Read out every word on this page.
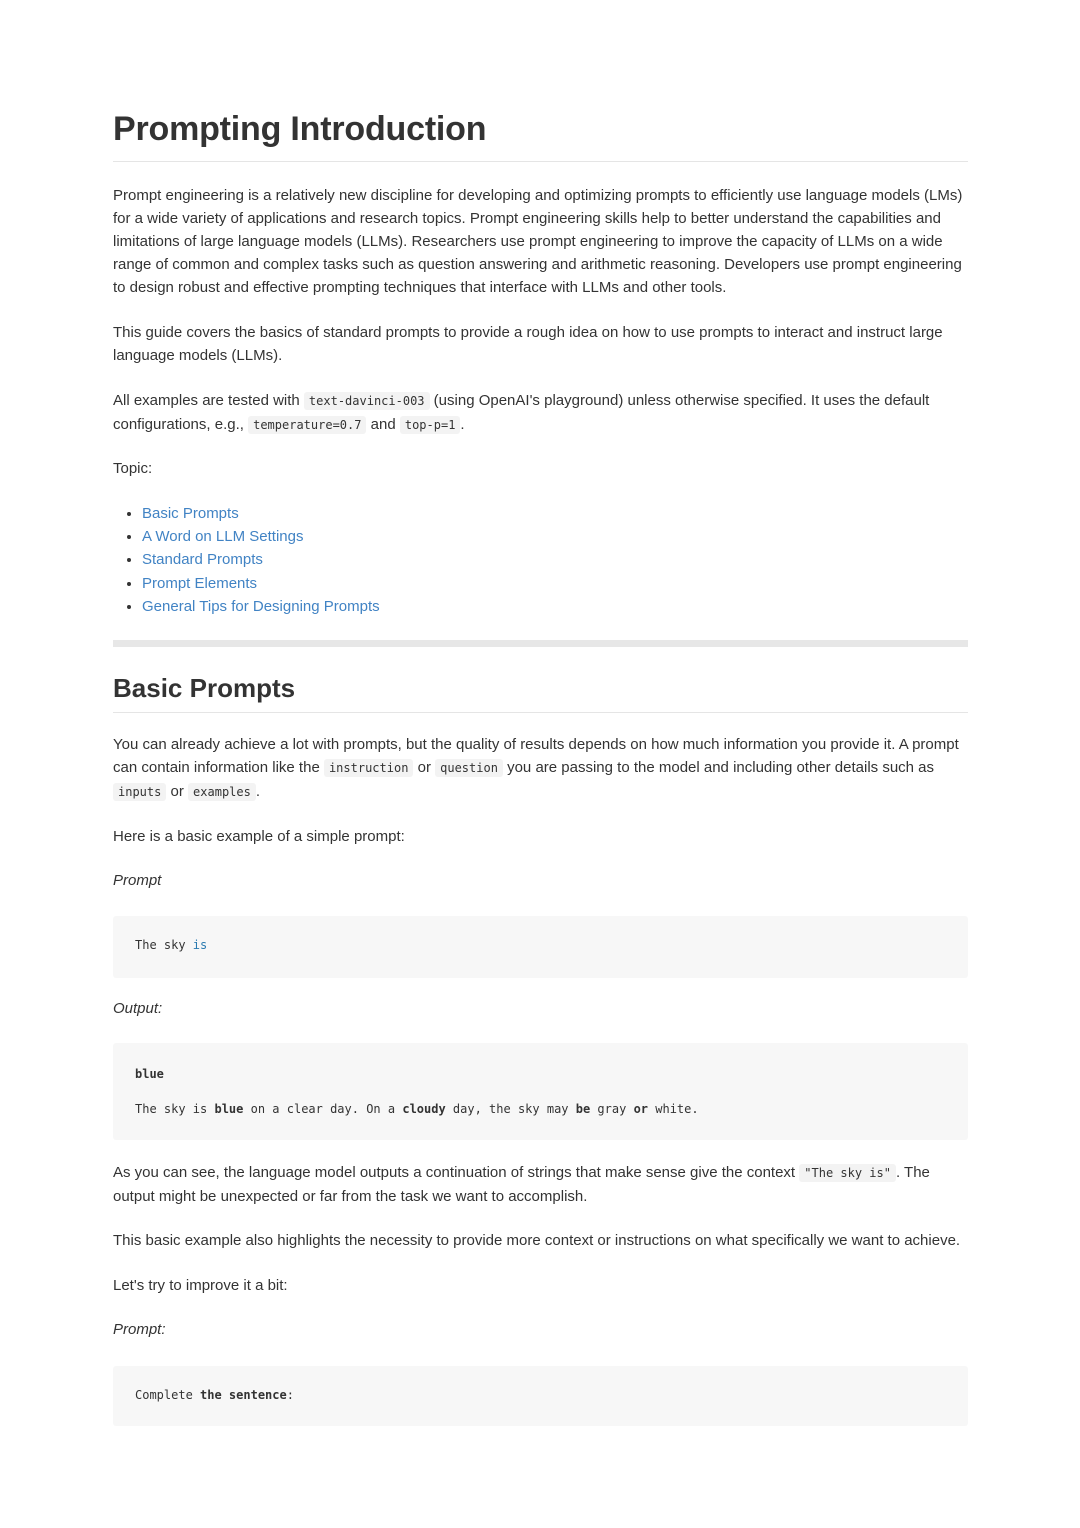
Prompting Introduction

Prompt engineering is a relatively new discipline for developing and optimizing prompts to efficiently use language models (LMs) for a wide variety of applications and research topics. Prompt engineering skills help to better understand the capabilities and limitations of large language models (LLMs). Researchers use prompt engineering to improve the capacity of LLMs on a wide range of common and complex tasks such as question answering and arithmetic reasoning. Developers use prompt engineering to design robust and effective prompting techniques that interface with LLMs and other tools.

This guide covers the basics of standard prompts to provide a rough idea on how to use prompts to interact and instruct large language models (LLMs).

All examples are tested with text-davinci-003 (using OpenAI's playground) unless otherwise specified. It uses the default configurations, e.g., temperature=0.7 and top-p=1 .

Topic:

• Basic Prompts
• A Word on LLM Settings
• Standard Prompts
• Prompt Elements
• General Tips for Designing Prompts
Basic Prompts

You can already achieve a lot with prompts, but the quality of results depends on how much information you provide it. A prompt can contain information like the instruction or question you are passing to the model and including other details such as inputs or examples .

Here is a basic example of a simple prompt:

Prompt

The sky is

Output:

blue
The sky is blue on a clear day. On a cloudy day, the sky may be gray or white.

As you can see, the language model outputs a continuation of strings that make sense give the context "The sky is" . The output might be unexpected or far from the task we want to accomplish.

This basic example also highlights the necessity to provide more context or instructions on what specifically we want to achieve.

Let's try to improve it a bit:

Prompt:

Complete the sentence:
